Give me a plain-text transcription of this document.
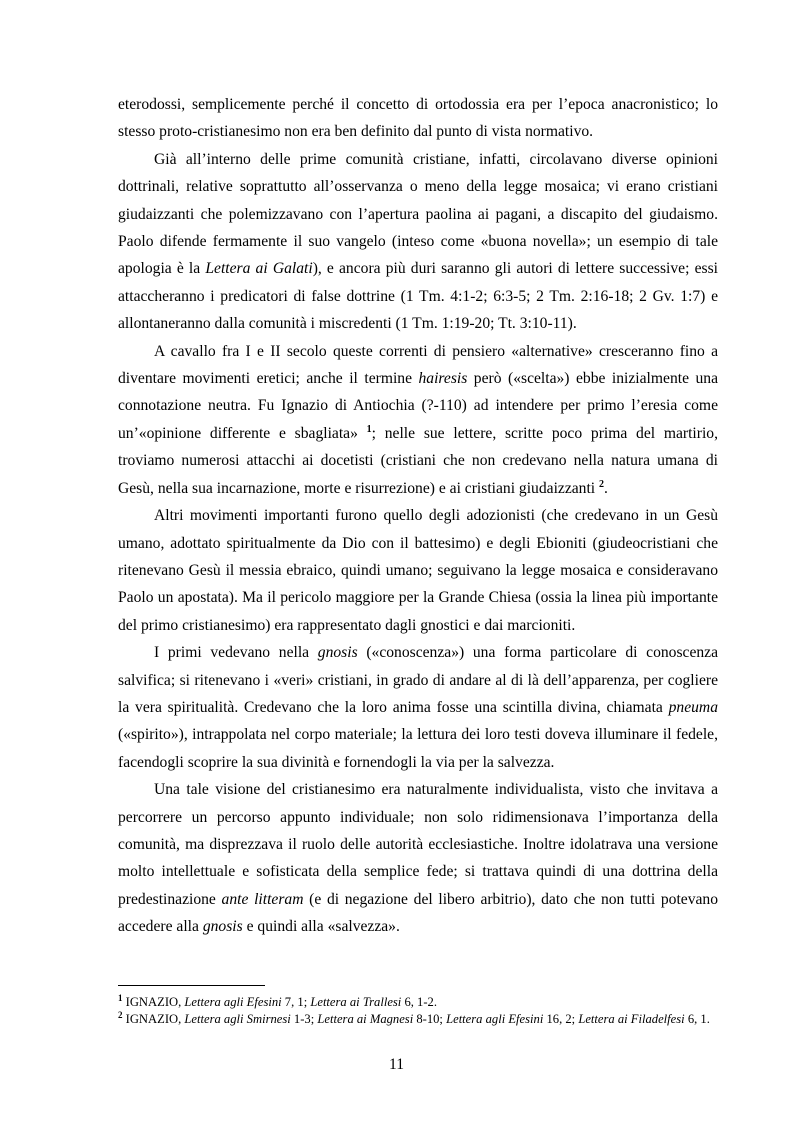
eterodossi, semplicemente perché il concetto di ortodossia era per l’epoca anacronistico; lo stesso proto-cristianesimo non era ben definito dal punto di vista normativo.

Già all’interno delle prime comunità cristiane, infatti, circolavano diverse opinioni dottrinali, relative soprattutto all’osservanza o meno della legge mosaica; vi erano cristiani giudaizzanti che polemizzavano con l’apertura paolina ai pagani, a discapito del giudaismo. Paolo difende fermamente il suo vangelo (inteso come «buona novella»; un esempio di tale apologia è la Lettera ai Galati), e ancora più duri saranno gli autori di lettere successive; essi attaccheranno i predicatori di false dottrine (1 Tm. 4:1-2; 6:3-5; 2 Tm. 2:16-18; 2 Gv. 1:7) e allontaneranno dalla comunità i miscredenti (1 Tm. 1:19-20; Tt. 3:10-11).

A cavallo fra I e II secolo queste correnti di pensiero «alternative» cresceranno fino a diventare movimenti eretici; anche il termine hairesis però («scelta») ebbe inizialmente una connotazione neutra. Fu Ignazio di Antiochia (?-110) ad intendere per primo l’eresia come un’«opinione differente e sbagliata» $^1$; nelle sue lettere, scritte poco prima del martirio, troviamo numerosi attacchi ai docetisti (cristiani che non credevano nella natura umana di Gesù, nella sua incarnazione, morte e risurrezione) e ai cristiani giudaizzanti $^2$.

Altri movimenti importanti furono quello degli adozionisti (che credevano in un Gesù umano, adottato spiritualmente da Dio con il battesimo) e degli Ebioniti (giudeocristiani che ritenevano Gesù il messia ebraico, quindi umano; seguivano la legge mosaica e consideravano Paolo un apostata). Ma il pericolo maggiore per la Grande Chiesa (ossia la linea più importante del primo cristianesimo) era rappresentato dagli gnostici e dai marcioniti.

I primi vedevano nella gnosis («conoscenza») una forma particolare di conoscenza salvifica; si ritenevano i «veri» cristiani, in grado di andare al di là dell’apparenza, per cogliere la vera spiritualità. Credevano che la loro anima fosse una scintilla divina, chiamata pneuma («spirito»), intrappolata nel corpo materiale; la lettura dei loro testi doveva illuminare il fedele, facendogli scoprire la sua divinità e fornendogli la via per la salvezza.

Una tale visione del cristianesimo era naturalmente individualista, visto che invitava a percorrere un percorso appunto individuale; non solo ridimensionava l’importanza della comunità, ma disprezzava il ruolo delle autorità ecclesiastiche. Inoltre idolatrava una versione molto intellettuale e sofisticata della semplice fede; si trattava quindi di una dottrina della predestinazione ante litteram (e di negazione del libero arbitrio), dato che non tutti potevano accedere alla gnosis e quindi alla «salvezza».

$^1$ IGNAZIO, Lettera agli Efesini 7, 1; Lettera ai Trallesi 6, 1-2.
$^2$ IGNAZIO, Lettera agli Smirnesi 1-3; Lettera ai Magnesi 8-10; Lettera agli Efesini 16, 2; Lettera ai Filadelfesi 6, 1.
11
